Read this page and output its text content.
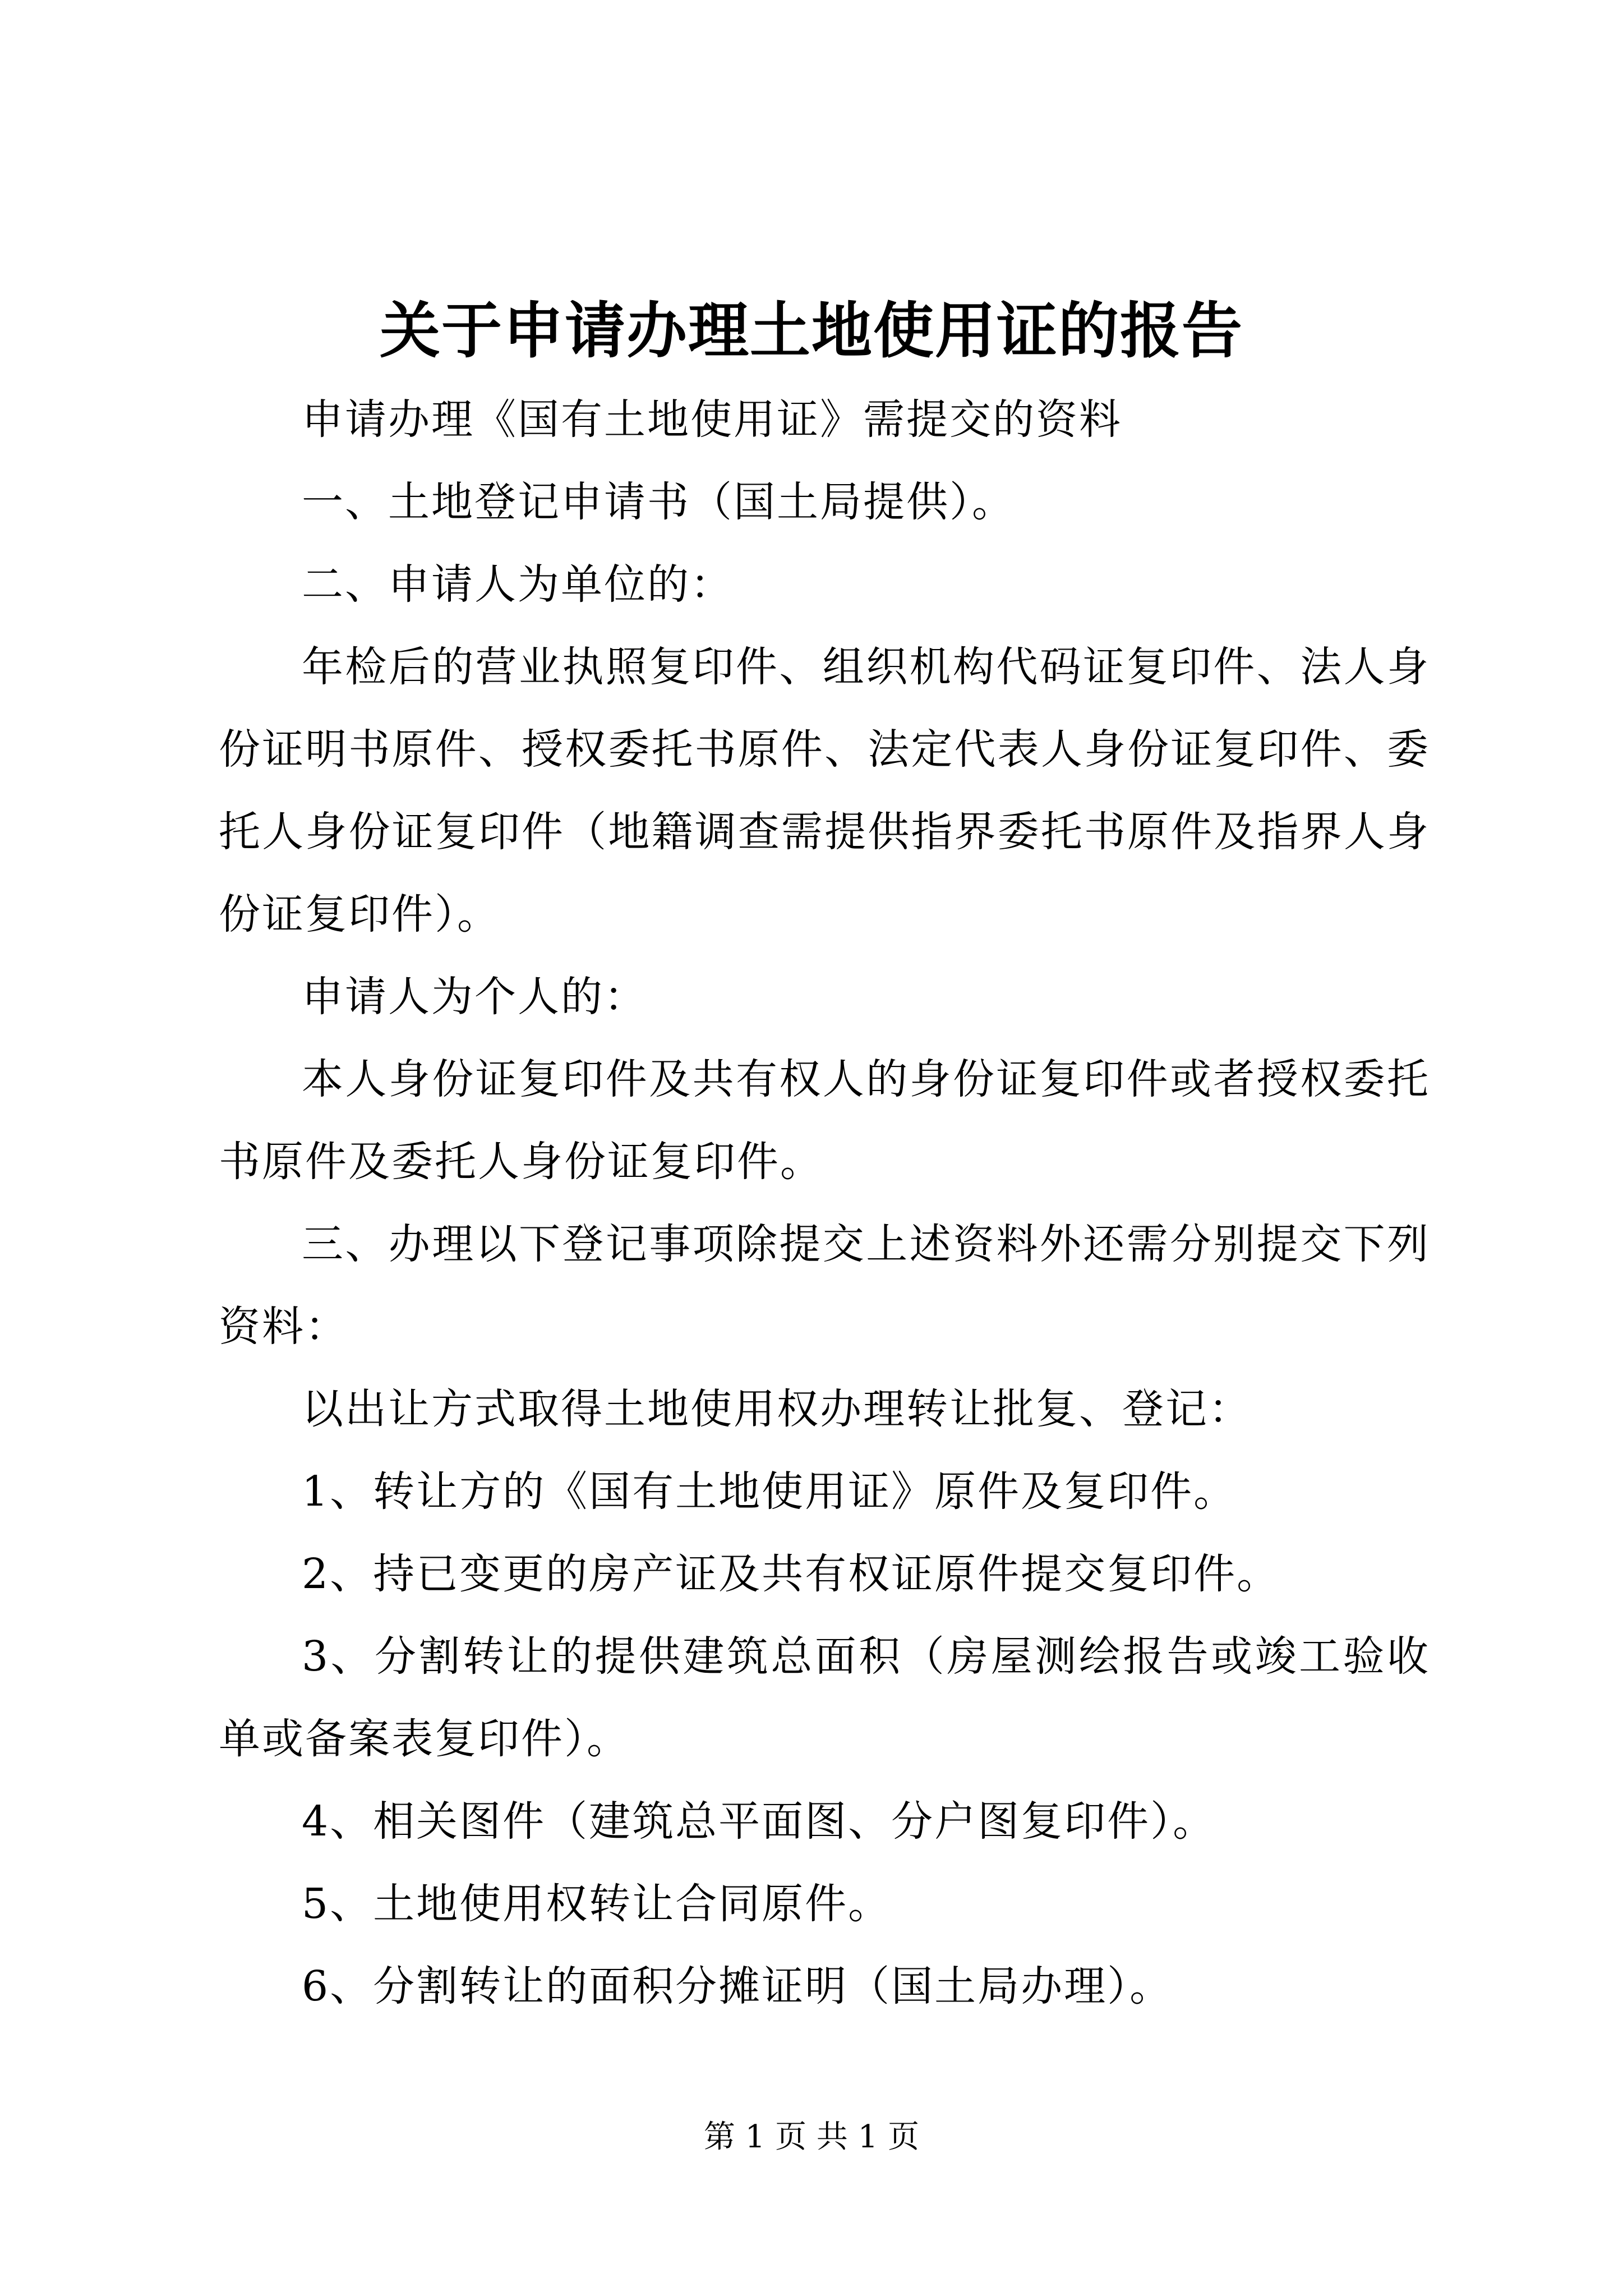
关于申请办理土地使用证的报告

申请办理《国有土地使用证》需提交的资料

一、土地登记申请书（国土局提供）。

二、申请人为单位的：

年检后的营业执照复印件、组织机构代码证复印件、法人身份证明书原件、授权委托书原件、法定代表人身份证复印件、委托人身份证复印件（地籍调查需提供指界委托书原件及指界人身份证复印件）。

申请人为个人的：

本人身份证复印件及共有权人的身份证复印件或者授权委托书原件及委托人身份证复印件。

三、办理以下登记事项除提交上述资料外还需分别提交下列资料：

以出让方式取得土地使用权办理转让批复、登记：

1、转让方的《国有土地使用证》原件及复印件。

2、持已变更的房产证及共有权证原件提交复印件。

3、分割转让的提供建筑总面积（房屋测绘报告或竣工验收单或备案表复印件）。

4、相关图件（建筑总平面图、分户图复印件）。

5、土地使用权转让合同原件。

6、分割转让的面积分摊证明（国土局办理）。

第 1 页 共 1 页
